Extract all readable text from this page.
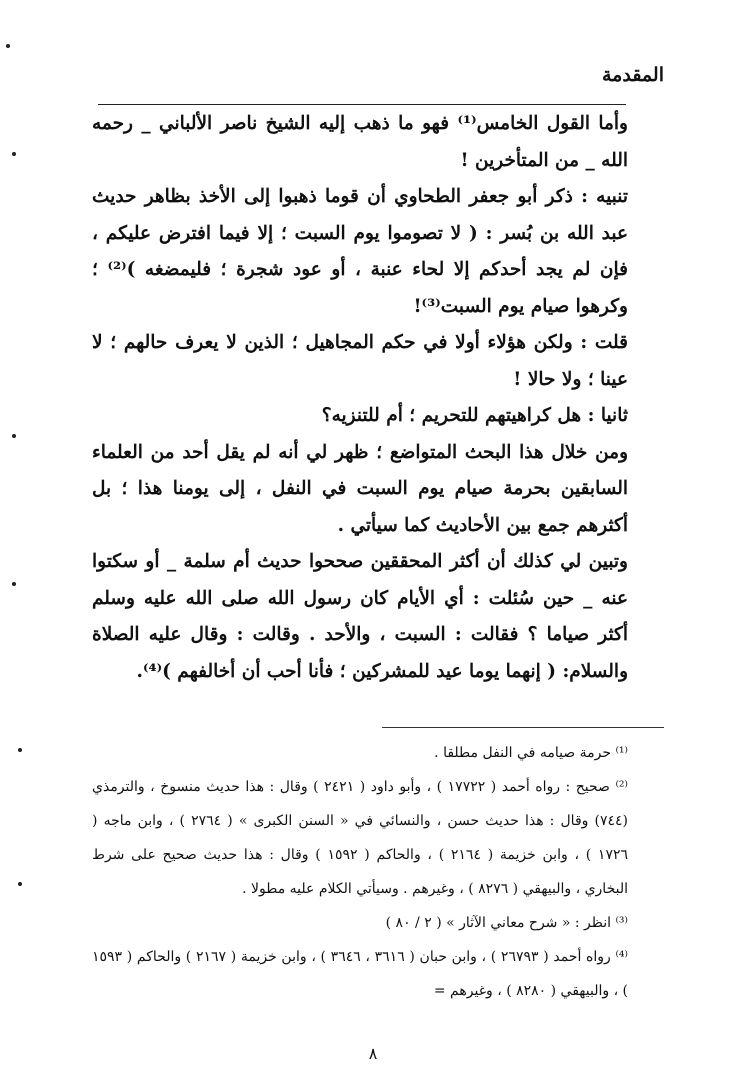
المقدمة

وأما القول الخامس⁽¹⁾ فهو ما ذهب إليه الشيخ ناصر الألباني _ رحمه الله _ من المتأخرين !

تنبيه : ذكر أبو جعفر الطحاوي أن قوما ذهبوا إلى الأخذ بظاهر حديث عبد الله بن بُسر : ( لا تصوموا يوم السبت ؛ إلا فيما افترض عليكم ، فإن لم يجد أحدكم إلا لحاء عنبة ، أو عود شجرة ؛ فليمضغه )⁽²⁾ ؛ وكرهوا صيام يوم السبت⁽³⁾!

قلت : ولكن هؤلاء أولا في حكم المجاهيل ؛ الذين لا يعرف حالهم ؛ لا عينا ؛ ولا حالا !

ثانيا : هل كراهيتهم للتحريم ؛ أم للتنزيه؟

ومن خلال هذا البحث المتواضع ؛ ظهر لي أنه لم يقل أحد من العلماء السابقين بحرمة صيام يوم السبت في النفل ، إلى يومنا هذا ؛ بل أكثرهم جمع بين الأحاديث كما سيأتي .

وتبين لي كذلك أن أكثر المحققين صححوا حديث أم سلمة _ أو سكتوا عنه _ حين سُئلت : أي الأيام كان رسول الله صلى الله عليه وسلم أكثر صياما ؟ فقالت : السبت ، والأحد . وقالت : وقال عليه الصلاة والسلام: ( إنهما يوما عيد للمشركين ؛ فأنا أحب أن أخالفهم )⁽⁴⁾.

⁽¹⁾ حرمة صيامه في النفل مطلقا .

⁽²⁾ صحيح : رواه أحمد ( ١٧٧٢٢ ) ، وأبو داود ( ٢٤٢١ ) وقال : هذا حديث منسوخ ، والترمذي (٧٤٤) وقال : هذا حديث حسن ، والنسائي في « السنن الكبرى » ( ٢٧٦٤ ) ، وابن ماجه ( ١٧٢٦ ) ، وابن خزيمة ( ٢١٦٤ ) ، والحاكم ( ١٥٩٢ ) وقال : هذا حديث صحيح على شرط البخاري ، والبيهقي ( ٨٢٧٦ ) ، وغيرهم . وسيأتي الكلام عليه مطولا .

⁽³⁾ انظر : « شرح معاني الآثار » ( ٢ / ٨٠ )

⁽⁴⁾ رواه أحمد ( ٢٦٧٩٣ ) ، وابن حبان ( ٣٦١٦ ، ٣٦٤٦ ) ، وابن خزيمة ( ٢١٦٧ ) والحاكم ( ١٥٩٣ ) ، والبيهقي ( ٨٢٨٠ ) ، وغيرهم =

٨
